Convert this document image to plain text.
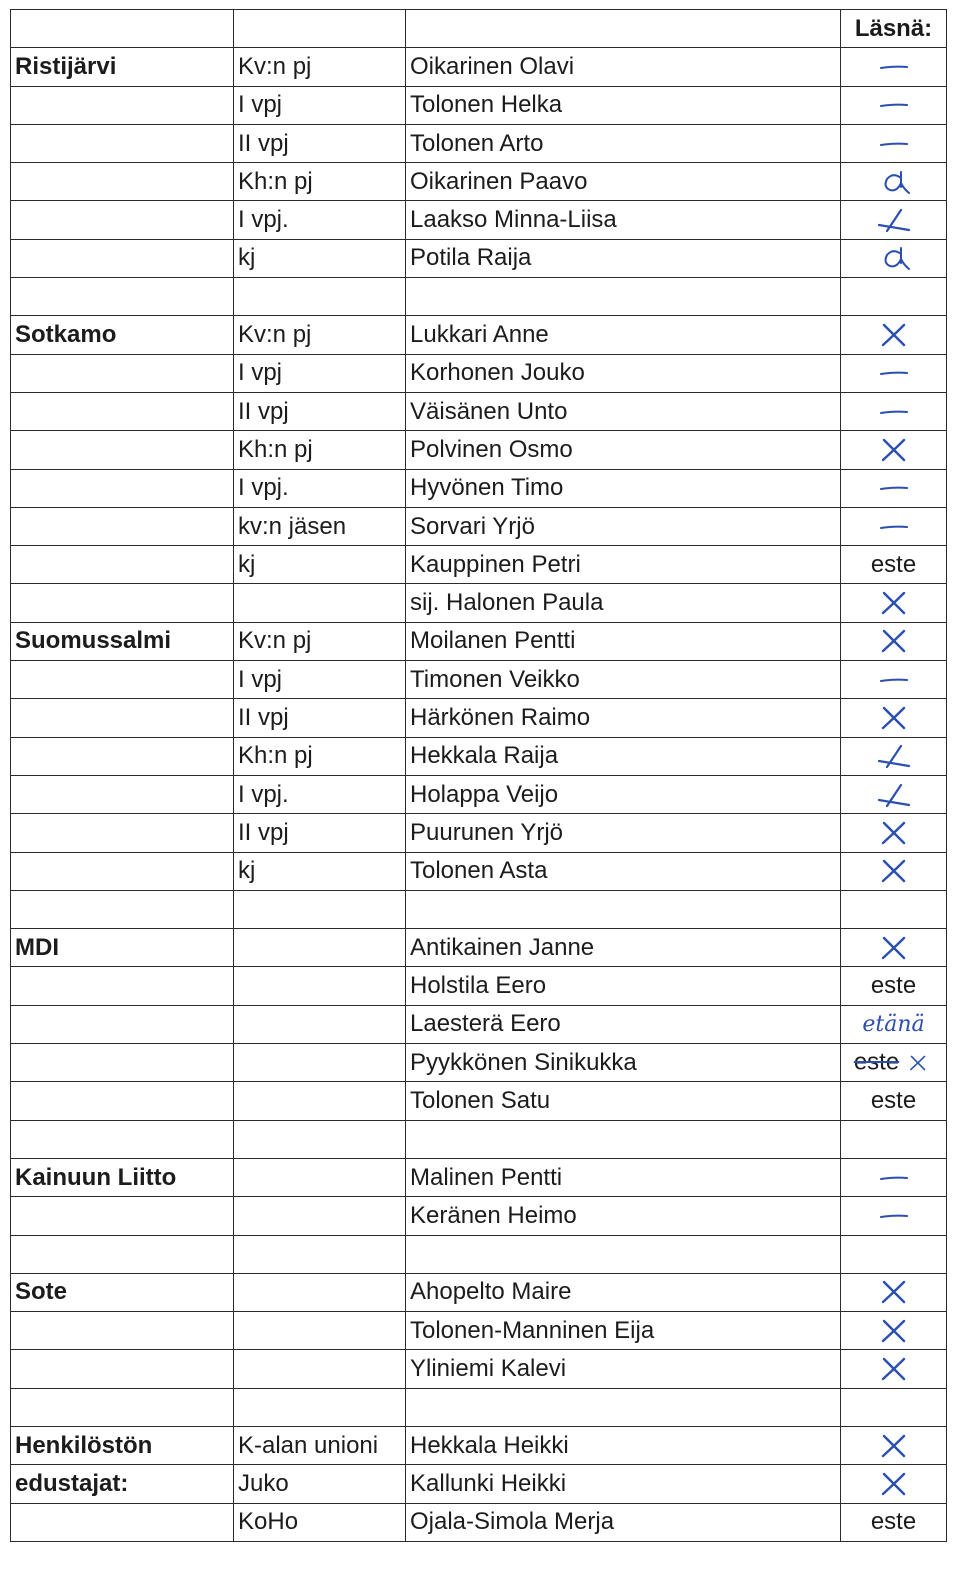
			Läsnä:
Ristijärvi	Kv:n pj	Oikarinen Olavi	

	I vpj	Tolonen Helka	

	II vpj	Tolonen Arto	

	Kh:n pj	Oikarinen Paavo	

	I vpj.	Laakso Minna-Liisa	

	kj	Potila Raija	

Sotkamo	Kv:n pj	Lukkari Anne	

	I vpj	Korhonen Jouko	

	II vpj	Väisänen Unto	

	Kh:n pj	Polvinen Osmo	

	I vpj.	Hyvönen Timo	

	kv:n jäsen	Sorvari Yrjö	

	kj	Kauppinen Petri	este
		sij. Halonen Paula	

Suomussalmi	Kv:n pj	Moilanen Pentti	

	I vpj	Timonen Veikko	

	II vpj	Härkönen Raimo	

	Kh:n pj	Hekkala Raija	

	I vpj.	Holappa Veijo	

	II vpj	Puurunen Yrjö	

	kj	Tolonen Asta	

MDI		Antikainen Janne	

		Holstila Eero	este
		Laesterä Eero	etänä
		Pyykkönen Sinikukka	este
		Tolonen Satu	este

Kainuun Liitto		Malinen Pentti	

		Keränen Heimo	

Sote		Ahopelto Maire	

		Tolonen-Manninen Eija	

		Yliniemi Kalevi	

Henkilöstön	K-alan unioni	Hekkala Heikki	

edustajat:	Juko	Kallunki Heikki	

	KoHo	Ojala-Simola Merja	este
